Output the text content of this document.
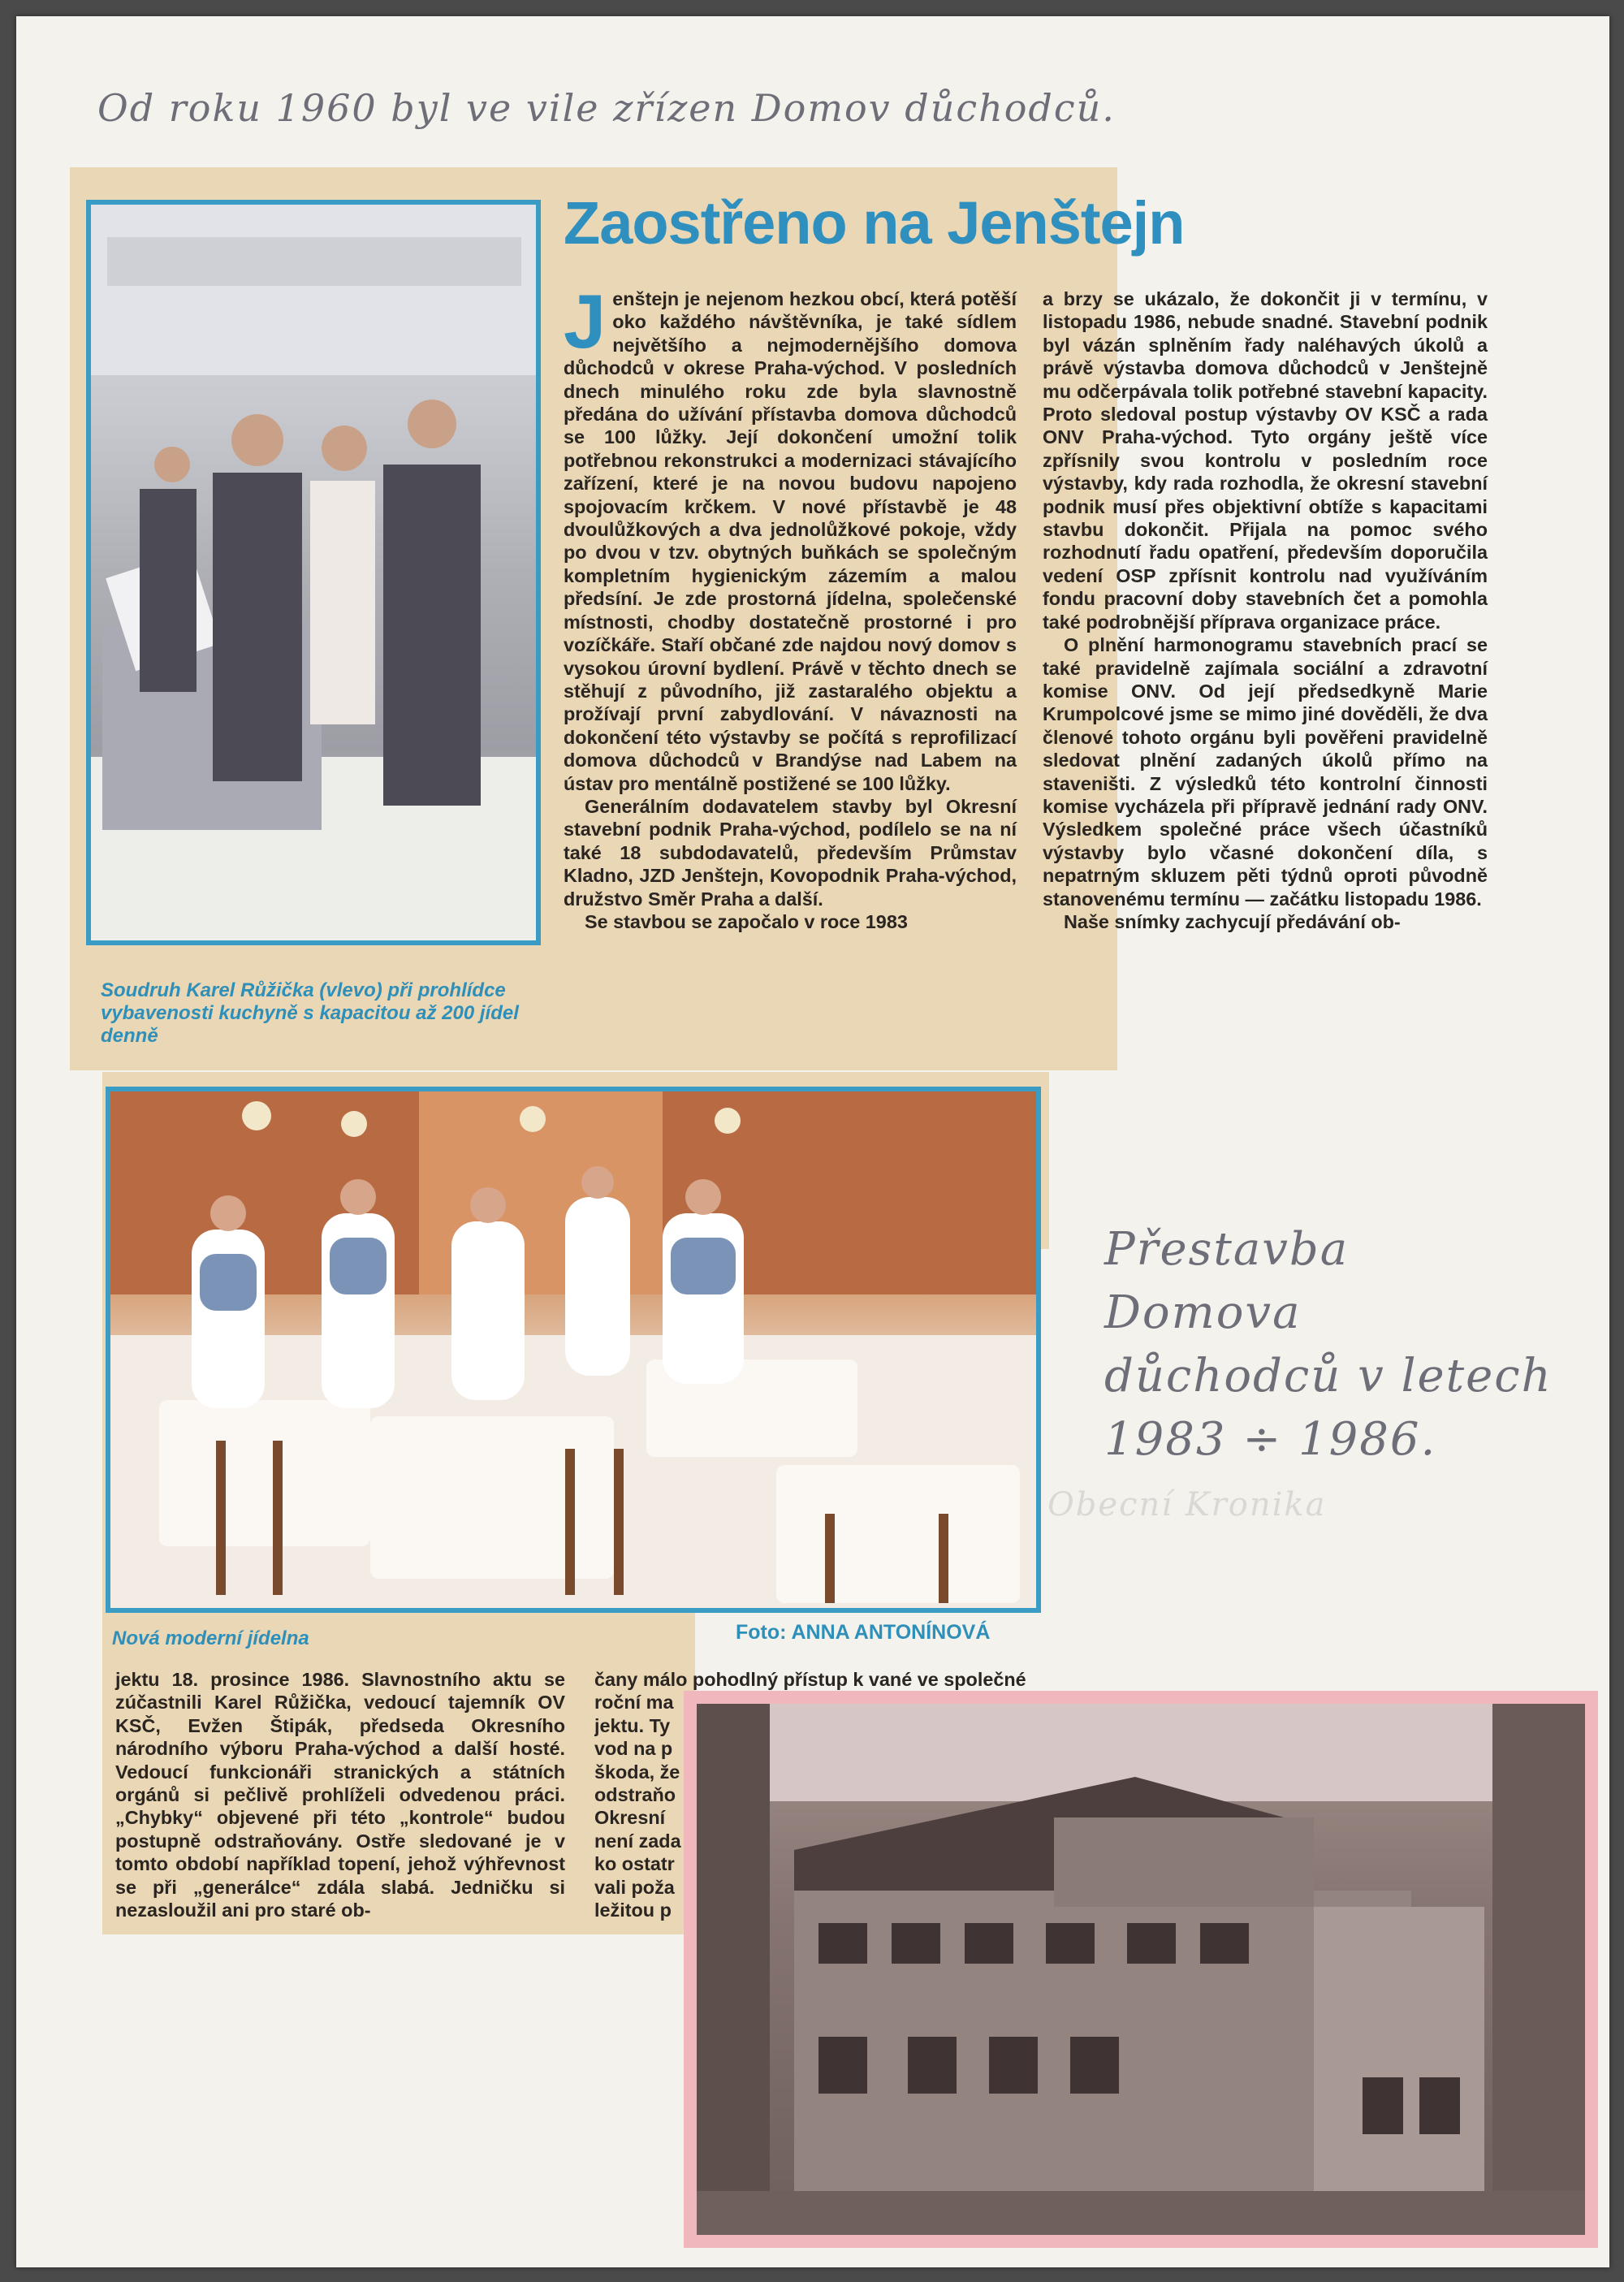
Od roku 1960 byl ve vile zřízen Domov důchodců.
Soudruh Karel Růžička (vlevo) při prohlídce vybavenosti kuchyně s kapacitou až 200 jídel denně
Zaostřeno na Jenštejn
J enštejn je nejenom hezkou obcí, která potěší oko každého návštěvníka, je také sídlem největšího a nejmodernějšího domova důchodců v okrese Praha-východ. V posledních dnech minulého roku zde byla slavnostně předána do užívání přístavba domova důchodců se 100 lůžky. Její dokončení umožní tolik potřebnou rekonstrukci a modernizaci stávajícího zařízení, které je na novou budovu napojeno spojovacím krčkem. V nové přístavbě je 48 dvoulůžkových a dva jednolůžkové pokoje, vždy po dvou v tzv. obytných buňkách se společným kompletním hygienickým zázemím a malou předsíní. Je zde prostorná jídelna, společenské místnosti, chodby dostatečně prostorné i pro vozíčkáře. Staří občané zde najdou nový domov s vysokou úrovní bydlení. Právě v těchto dnech se stěhují z původního, již zastaralého objektu a prožívají první zabydlování. V návaznosti na dokončení této výstavby se počítá s reprofilizací domova důchodců v Brandýse nad Labem na ústav pro mentálně postižené se 100 lůžky.
Generálním dodavatelem stavby byl Okresní stavební podnik Praha-východ, podílelo se na ní také 18 subdodavatelů, především Průmstav Kladno, JZD Jenštejn, Kovopodnik Praha-východ, družstvo Směr Praha a další.
Se stavbou se započalo v roce 1983
a brzy se ukázalo, že dokončit ji v termínu, v listopadu 1986, nebude snadné. Stavební podnik byl vázán splněním řady naléhavých úkolů a právě výstavba domova důchodců v Jenštejně mu odčerpávala tolik potřebné stavební kapacity. Proto sledoval postup výstavby OV KSČ a rada ONV Praha-východ. Tyto orgány ještě více zpřísnily svou kontrolu v posledním roce výstavby, kdy rada rozhodla, že okresní stavební podnik musí přes objektivní obtíže s kapacitami stavbu dokončit. Přijala na pomoc svého rozhodnutí řadu opatření, především doporučila vedení OSP zpřísnit kontrolu nad využíváním fondu pracovní doby stavebních čet a pomohla také podrobnější příprava organizace práce.
O plnění harmonogramu stavebních prací se také pravidelně zajímala sociální a zdravotní komise ONV. Od její předsedkyně Marie Krumpolcové jsme se mimo jiné dověděli, že dva členové tohoto orgánu byli pověřeni pravidelně sledovat plnění zadaných úkolů přímo na staveništi. Z výsledků této kontrolní činnosti komise vycházela při přípravě jednání rady ONV. Výsledkem společné práce všech účastníků výstavby bylo včasné dokončení díla, s nepatrným skluzem pěti týdnů oproti původně stanovenému termínu — začátku listopadu 1986.
Naše snímky zachycují předávání ob-
Nová moderní jídelna	Foto: ANNA ANTONÍNOVÁ
jektu 18. prosince 1986. Slavnostního aktu se zúčastnili Karel Růžička, vedoucí tajemník OV KSČ, Evžen Štipák, předseda Okresního národního výboru Praha-východ a další hosté. Vedoucí funkcionáři stranických a státních orgánů si pečlivě prohlíželi odvedenou práci. „Chybky“ objevené při této „kontrole“ budou postupně odstraňovány. Ostře sledované je v tomto období například topení, jehož výhřevnost se při „generálce“ zdála slabá. Jedničku si nezasloužil ani pro staré ob-
čany málo pohodlný přístup k vané ve společné
roční ma
jektu. Ty
vod na p
škoda, že
odstraňo
Okresní
není zada
ko ostatr
vali poža
ležitou p
Přestavba Domova
důchodců v letech
1983 ÷ 1986.
Obecní Kronika
